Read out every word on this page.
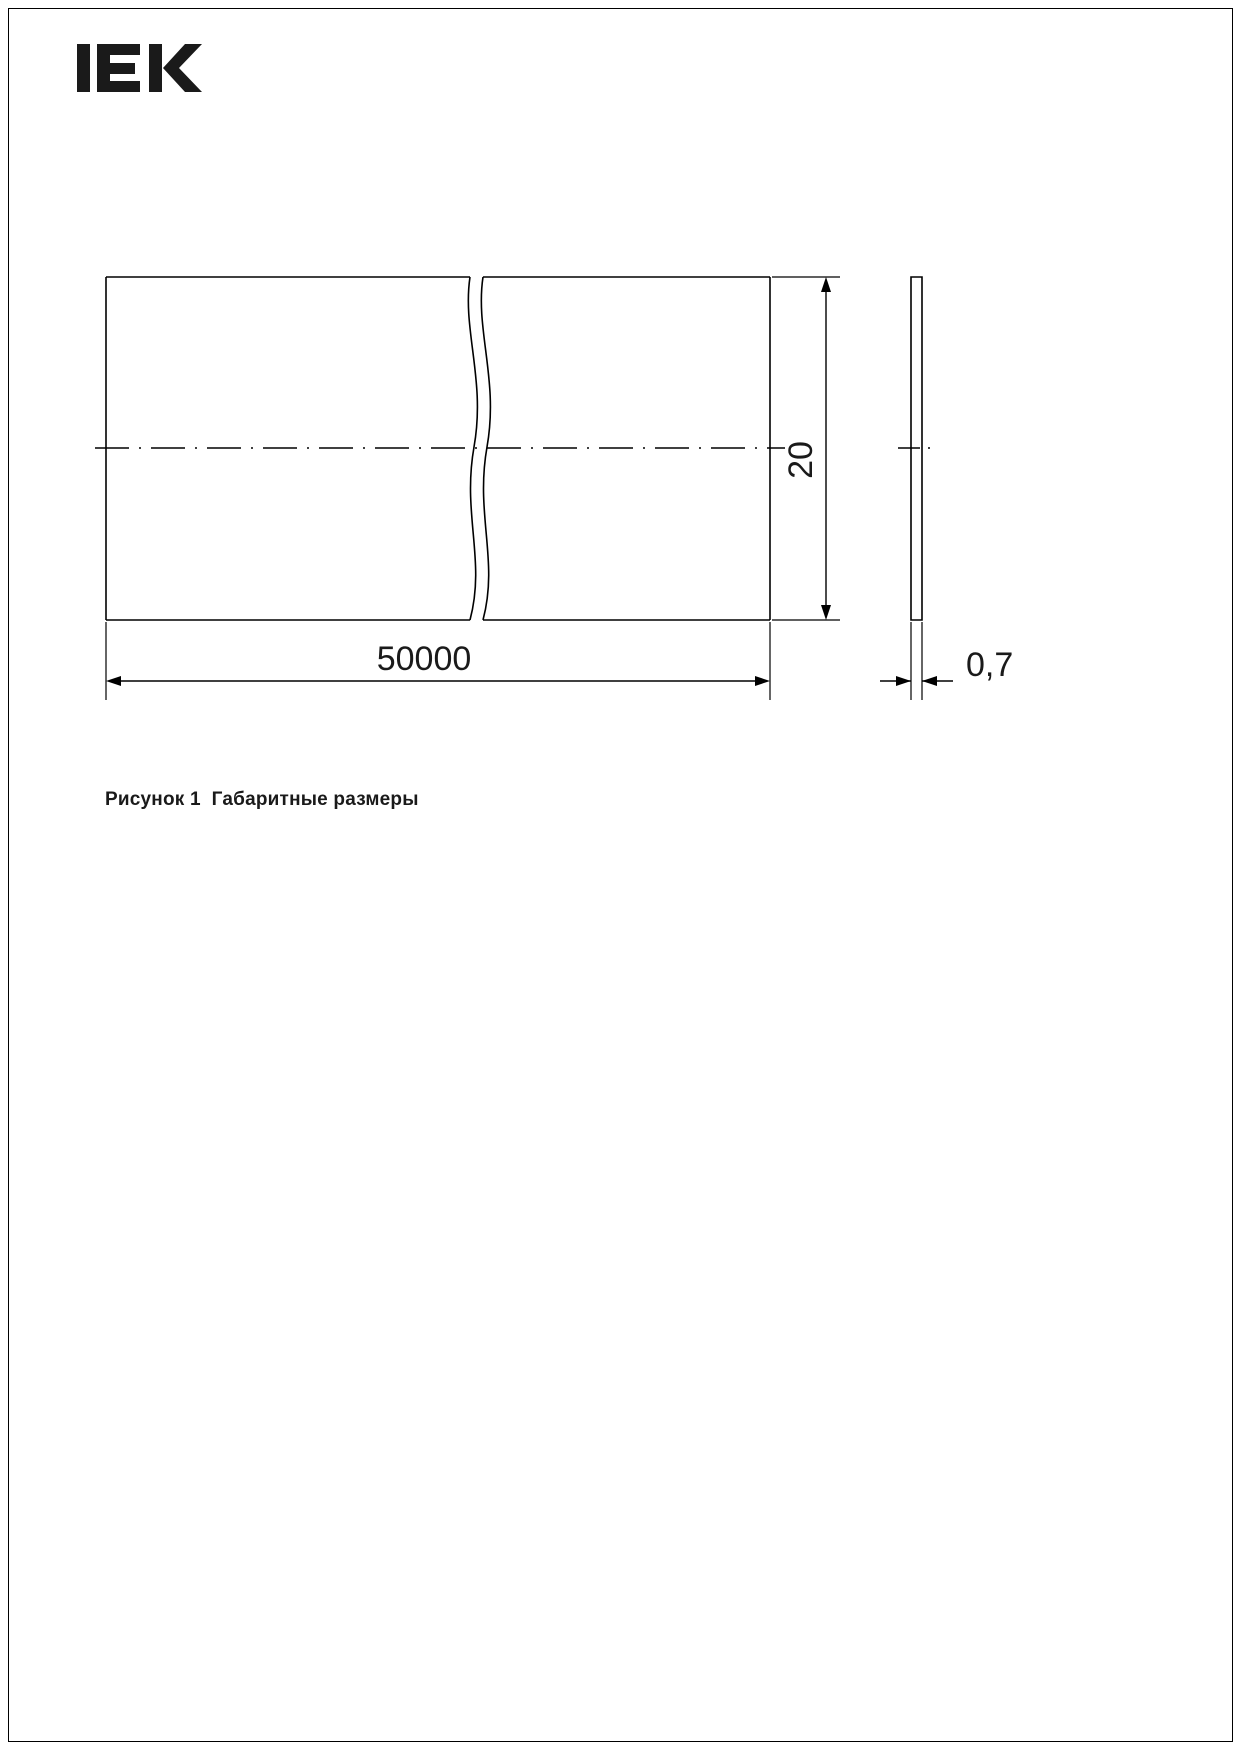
20
50000	0,7
Рисунок 1  Габаритные размеры
